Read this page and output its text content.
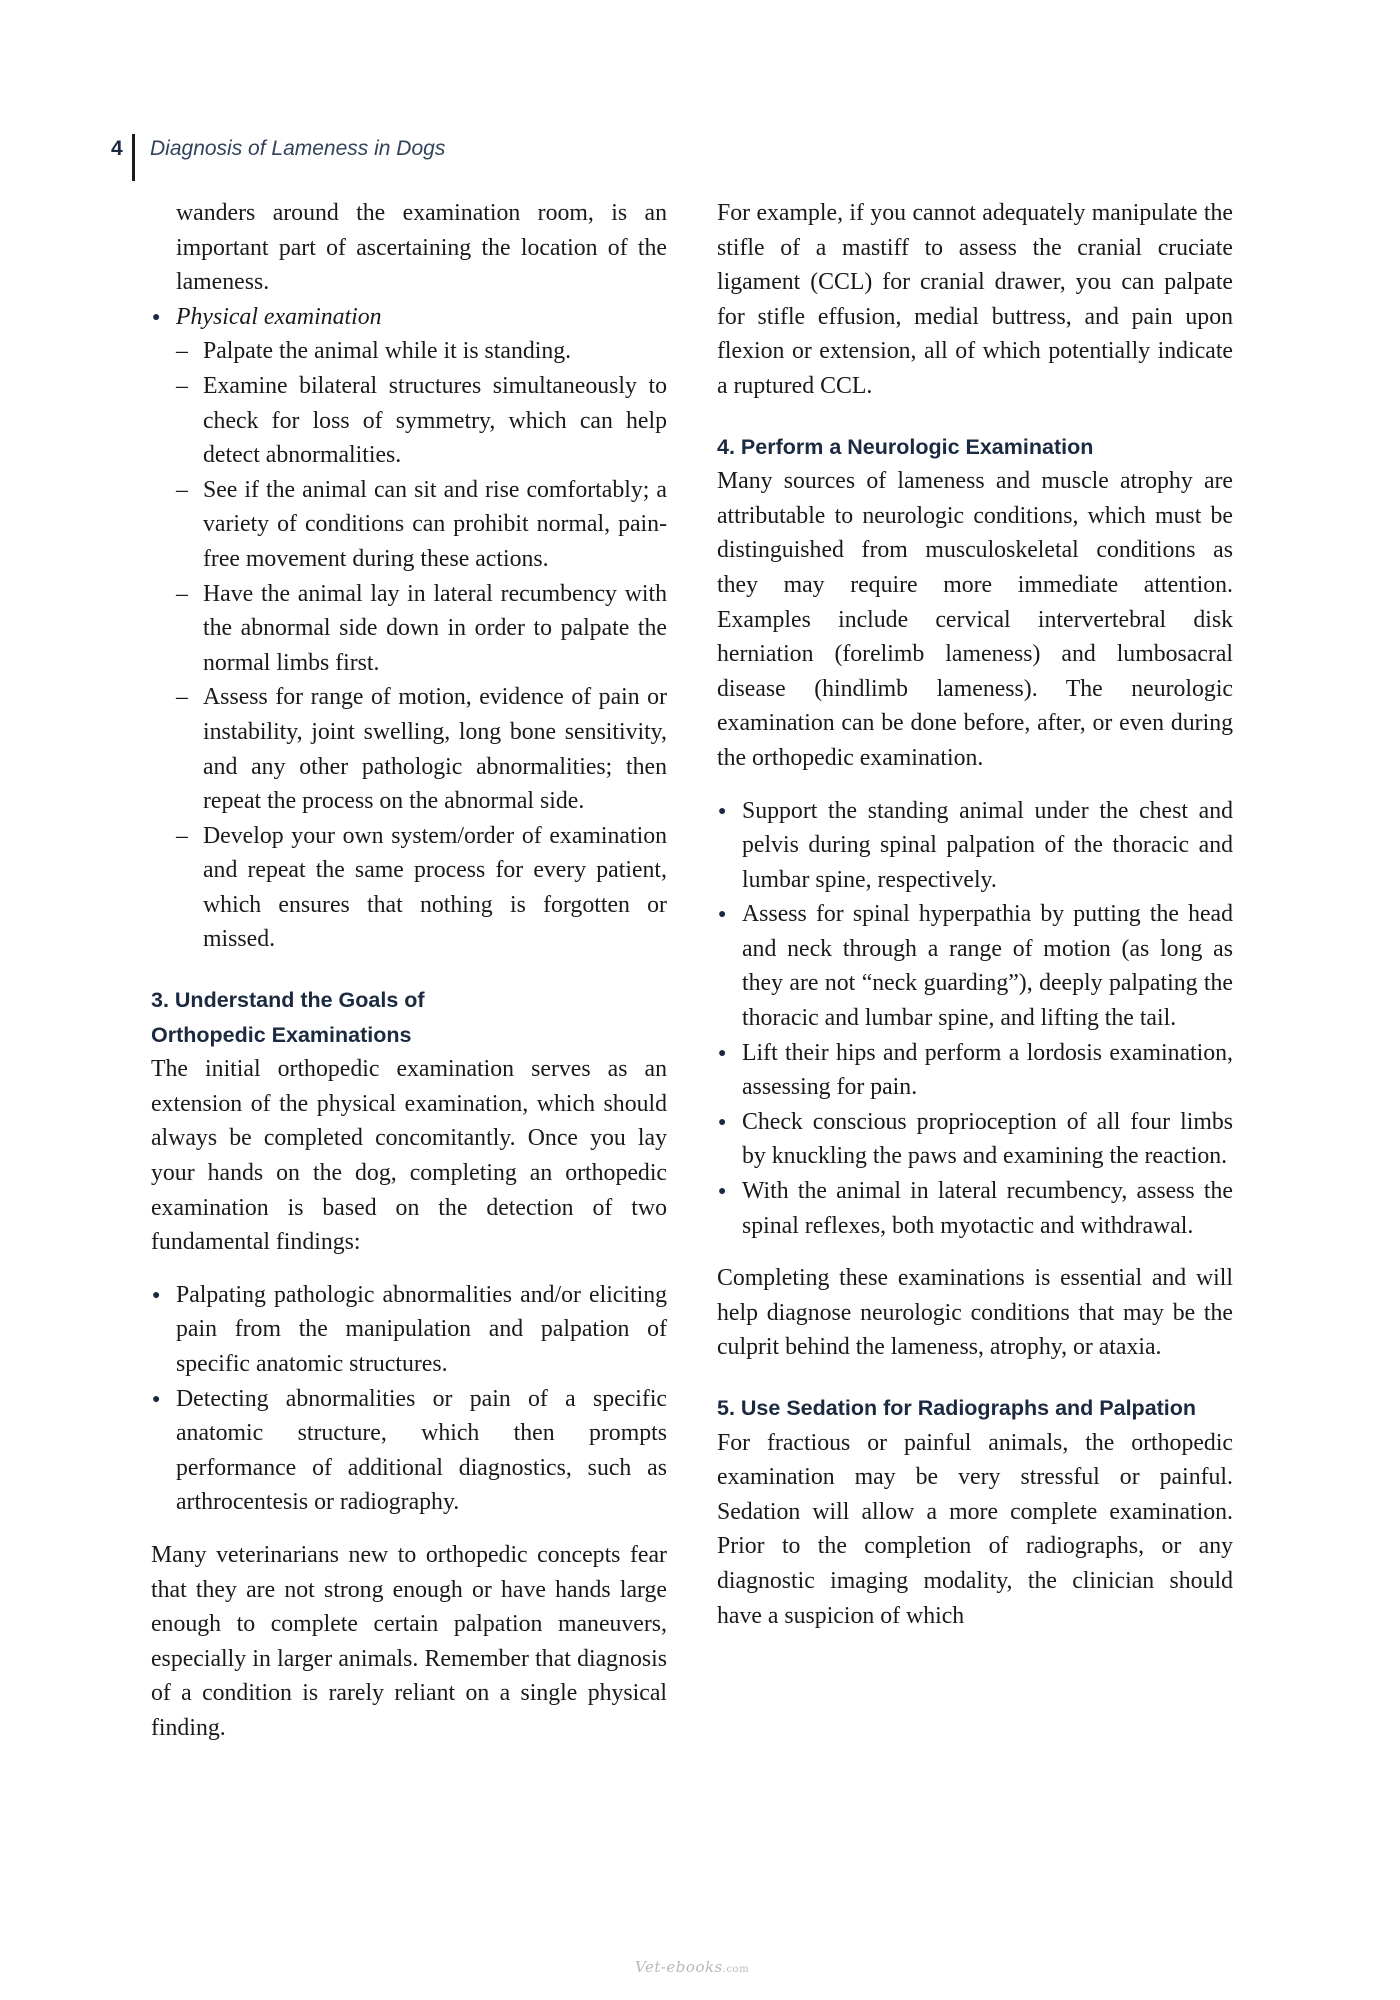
4 Diagnosis of Lameness in Dogs

wanders around the examination room, is an important part of ascertaining the location of the lameness.

● Physical examination
– Palpate the animal while it is standing.
– Examine bilateral structures simultaneously to check for loss of symmetry, which can help detect abnormalities.
– See if the animal can sit and rise comfortably; a variety of conditions can prohibit normal, pain-free movement during these actions.
– Have the animal lay in lateral recumbency with the abnormal side down in order to palpate the normal limbs first.
– Assess for range of motion, evidence of pain or instability, joint swelling, long bone sensitivity, and any other pathologic abnormalities; then repeat the process on the abnormal side.
– Develop your own system/order of examination and repeat the same process for every patient, which ensures that nothing is forgotten or missed.
3. Understand the Goals of
Orthopedic Examinations

The initial orthopedic examination serves as an extension of the physical examination, which should always be completed concomitantly. Once you lay your hands on the dog, completing an orthopedic examination is based on the detection of two fundamental findings:

● Palpating pathologic abnormalities and/or eliciting pain from the manipulation and palpation of specific anatomic structures.
● Detecting abnormalities or pain of a specific anatomic structure, which then prompts performance of additional diagnostics, such as arthrocentesis or radiography.

Many veterinarians new to orthopedic concepts fear that they are not strong enough or have hands large enough to complete certain palpation maneuvers, especially in larger animals. Remember that diagnosis of a condition is rarely reliant on a single physical finding.

For example, if you cannot adequately manipulate the stifle of a mastiff to assess the cranial cruciate ligament (CCL) for cranial drawer, you can palpate for stifle effusion, medial buttress, and pain upon flexion or extension, all of which potentially indicate a ruptured CCL.

4. Perform a Neurologic Examination

Many sources of lameness and muscle atrophy are attributable to neurologic conditions, which must be distinguished from musculoskeletal conditions as they may require more immediate attention. Examples include cervical intervertebral disk herniation (forelimb lameness) and lumbosacral disease (hindlimb lameness). The neurologic examination can be done before, after, or even during the orthopedic examination.

● Support the standing animal under the chest and pelvis during spinal palpation of the thoracic and lumbar spine, respectively.
● Assess for spinal hyperpathia by putting the head and neck through a range of motion (as long as they are not “neck guarding”), deeply palpating the thoracic and lumbar spine, and lifting the tail.
● Lift their hips and perform a lordosis examination, assessing for pain.
● Check conscious proprioception of all four limbs by knuckling the paws and examining the reaction.
● With the animal in lateral recumbency, assess the spinal reflexes, both myotactic and withdrawal.

Completing these examinations is essential and will help diagnose neurologic conditions that may be the culprit behind the lameness, atrophy, or ataxia.

5. Use Sedation for Radiographs and Palpation

For fractious or painful animals, the orthopedic examination may be very stressful or painful. Sedation will allow a more complete examination. Prior to the completion of radiographs, or any diagnostic imaging modality, the clinician should have a suspicion of which

Vet-ebooks.com
